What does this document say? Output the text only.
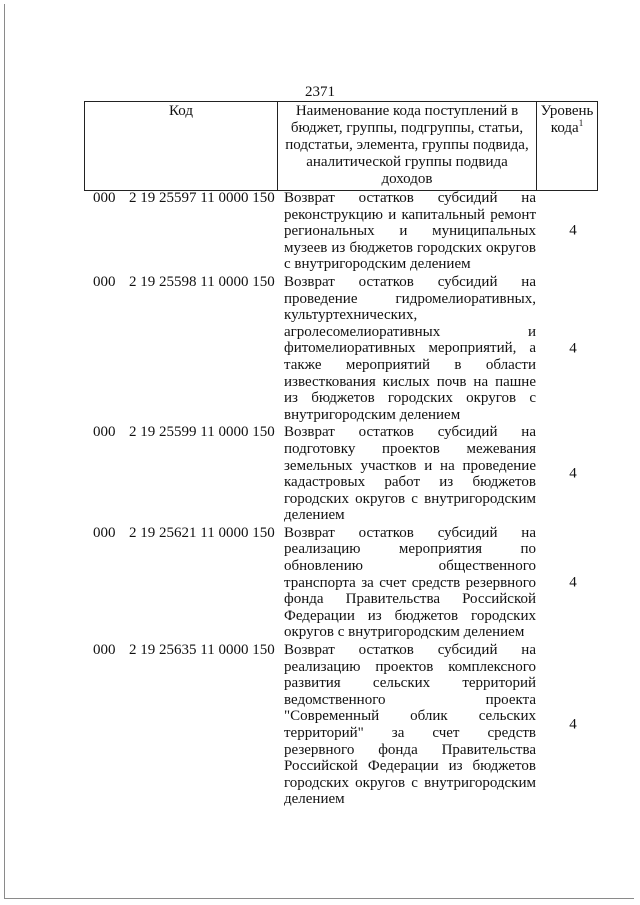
2371
Код	Наименование кода поступлений в бюджет, группы, подгруппы, статьи, подстатьи, элемента, группы подвида, аналитической группы подвида доходов	Уровень кода$^1$
000 2 19 25597 11 0000 150 Возврат остатков субсидий на реконструкцию и капитальный ремонт региональных и муниципальных музеев из бюджетов городских округов с внутригородским делением
4
000 2 19 25598 11 0000 150 Возврат остатков субсидий на проведение гидромелиоративных, культуртехнических, агролесомелиоративных и фитомелиоративных мероприятий, а также мероприятий в области известкования кислых почв на пашне из бюджетов городских округов с внутригородским делением
4
000 2 19 25599 11 0000 150 Возврат остатков субсидий на подготовку проектов межевания земельных участков и на проведение кадастровых работ из бюджетов городских округов с внутригородским делением
4
000 2 19 25621 11 0000 150 Возврат остатков субсидий на реализацию мероприятия по обновлению общественного транспорта за счет средств резервного фонда Правительства Российской Федерации из бюджетов городских округов с внутригородским делением
4
000 2 19 25635 11 0000 150 Возврат остатков субсидий на реализацию проектов комплексного развития сельских территорий ведомственного проекта "Современный облик сельских территорий" за счет средств резервного фонда Правительства Российской Федерации из бюджетов городских округов с внутригородским делением
4
